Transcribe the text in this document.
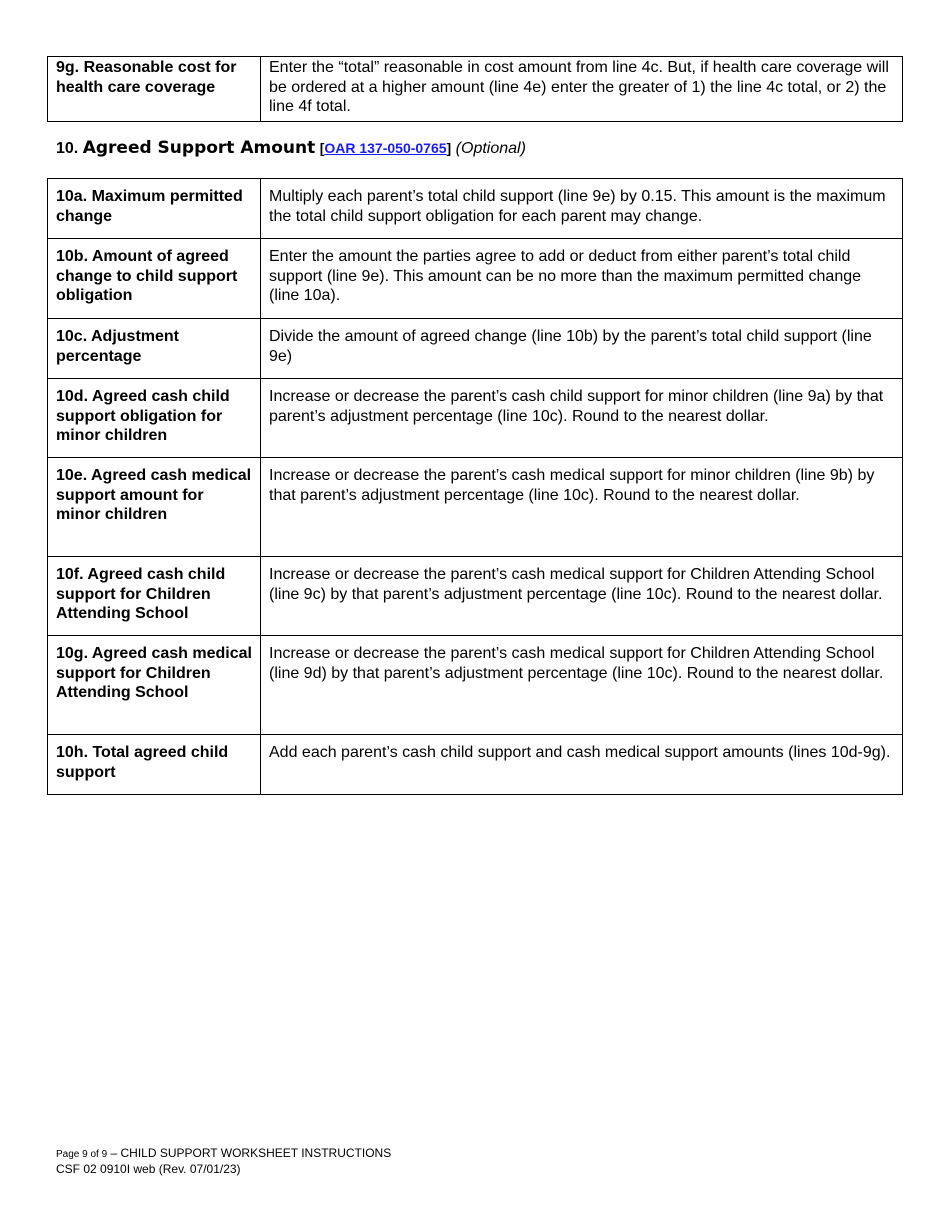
9g. Reasonable cost for health care coverage	Enter the “total” reasonable in cost amount from line 4c. But, if health care coverage will be ordered at a higher amount (line 4e) enter the greater of 1) the line 4c total, or 2) the line 4f total.
10. Agreed Support Amount [OAR 137-050-0765] (Optional)
10a. Maximum permitted change	Multiply each parent’s total child support (line 9e) by 0.15. This amount is the maximum the total child support obligation for each parent may change.
10b. Amount of agreed change to child support obligation	Enter the amount the parties agree to add or deduct from either parent’s total child support (line 9e). This amount can be no more than the maximum permitted change (line 10a).
10c. Adjustment percentage	Divide the amount of agreed change (line 10b) by the parent’s total child support (line 9e)
10d. Agreed cash child support obligation for minor children	Increase or decrease the parent’s cash child support for minor children (line 9a) by that parent’s adjustment percentage (line 10c). Round to the nearest dollar.
10e. Agreed cash medical support amount for minor children	Increase or decrease the parent’s cash medical support for minor children (line 9b) by that parent’s adjustment percentage (line 10c). Round to the nearest dollar.
10f. Agreed cash child support for Children Attending School	Increase or decrease the parent’s cash medical support for Children Attending School (line 9c) by that parent’s adjustment percentage (line 10c). Round to the nearest dollar.
10g. Agreed cash medical support for Children Attending School	Increase or decrease the parent’s cash medical support for Children Attending School (line 9d) by that parent’s adjustment percentage (line 10c). Round to the nearest dollar.
10h. Total agreed child support	Add each parent’s cash child support and cash medical support amounts (lines 10d-9g).
Page 9 of 9 – CHILD SUPPORT WORKSHEET INSTRUCTIONS
CSF 02 0910I web (Rev. 07/01/23)
